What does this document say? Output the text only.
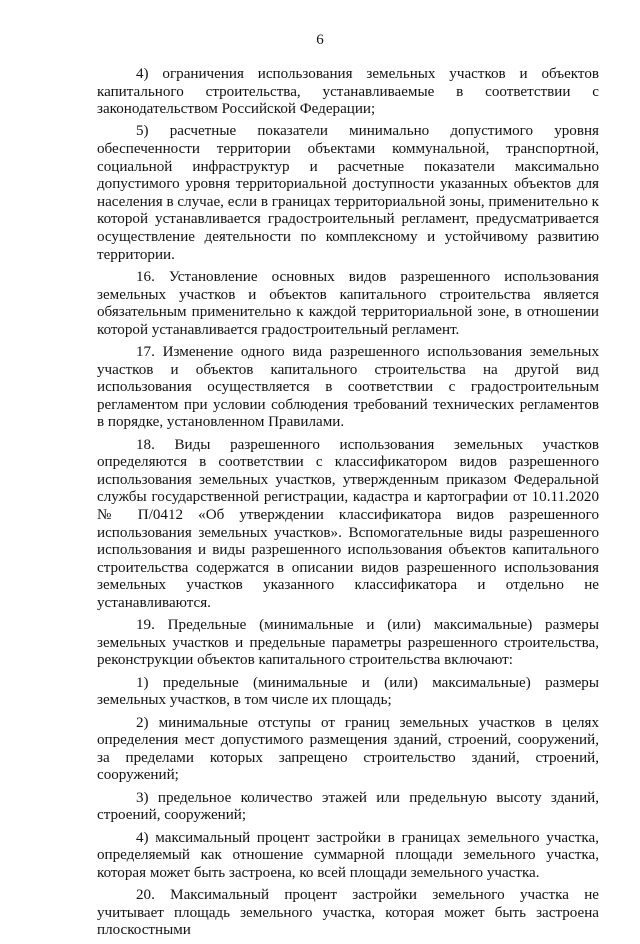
6

4) ограничения использования земельных участков и объектов капитального строительства, устанавливаемые в соответствии с законодательством Российской Федерации;

5) расчетные показатели минимально допустимого уровня обеспеченности территории объектами коммунальной, транспортной, социальной инфраструктур и расчетные показатели максимально допустимого уровня территориальной доступности указанных объектов для населения в случае, если в границах территориальной зоны, применительно к которой устанавливается градостроительный регламент, предусматривается осуществление деятельности по комплексному и устойчивому развитию территории.

16. Установление основных видов разрешенного использования земельных участков и объектов капитального строительства является обязательным применительно к каждой территориальной зоне, в отношении которой устанавливается градостроительный регламент.

17. Изменение одного вида разрешенного использования земельных участков и объектов капитального строительства на другой вид использования осуществляется в соответствии с градостроительным регламентом при условии соблюдения требований технических регламентов в порядке, установленном Правилами.

18. Виды разрешенного использования земельных участков определяются в соответствии с классификатором видов разрешенного использования земельных участков, утвержденным приказом Федеральной службы государственной регистрации, кадастра и картографии от 10.11.2020 № П/0412 «Об утверждении классификатора видов разрешенного использования земельных участков». Вспомогательные виды разрешенного использования и виды разрешенного использования объектов капитального строительства содержатся в описании видов разрешенного использования земельных участков указанного классификатора и отдельно не устанавливаются.

19. Предельные (минимальные и (или) максимальные) размеры земельных участков и предельные параметры разрешенного строительства, реконструкции объектов капитального строительства включают:

1) предельные (минимальные и (или) максимальные) размеры земельных участков, в том числе их площадь;

2) минимальные отступы от границ земельных участков в целях определения мест допустимого размещения зданий, строений, сооружений, за пределами которых запрещено строительство зданий, строений, сооружений;

3) предельное количество этажей или предельную высоту зданий, строений, сооружений;

4) максимальный процент застройки в границах земельного участка, определяемый как отношение суммарной площади земельного участка, которая может быть застроена, ко всей площади земельного участка.

20. Максимальный процент застройки земельного участка не учитывает площадь земельного участка, которая может быть застроена плоскостными
